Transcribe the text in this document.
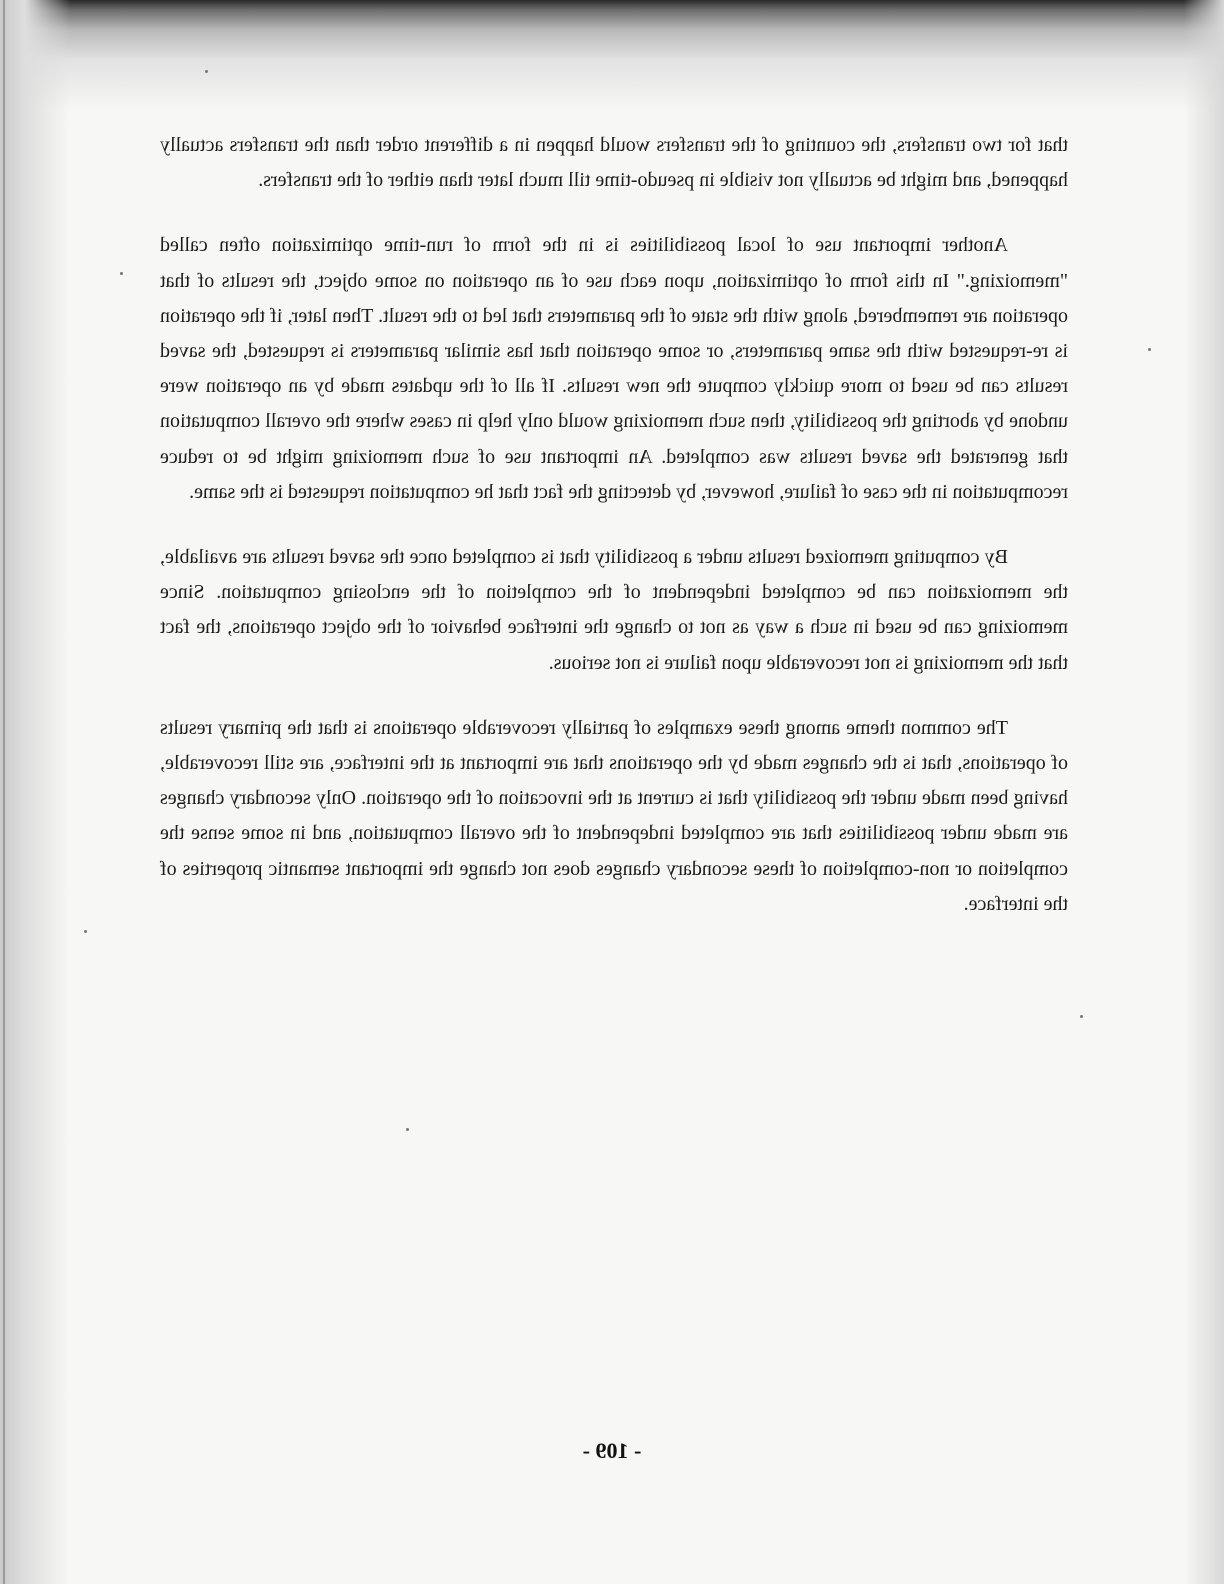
that for two transfers, the counting of the transfers would happen in a different order than the transfers actually happened, and might be actually not visible in pseudo-time till much later than either of the transfers.

Another important use of local possibilities is in the form of run-time optimization often called "memoizing." In this form of optimization, upon each use of an operation on some object, the results of that operation are remembered, along with the state of the parameters that led to the result. Then later, if the operation is re-requested with the same parameters, or some operation that has similar parameters is requested, the saved results can be used to more quickly compute the new results. If all of the updates made by an operation were undone by aborting the possibility, then such memoizing would only help in cases where the overall computation that generated the saved results was completed. An important use of such memoizing might be to reduce recomputation in the case of failure, however, by detecting the fact that he computation requested is the same.

By computing memoized results under a possibility that is completed once the saved results are available, the memoization can be completed independent of the completion of the enclosing computation. Since memoizing can be used in such a way as not to change the interface behavior of the object operations, the fact that the memoizing is not recoverable upon failure is not serious.

The common theme among these examples of partially recoverable operations is that the primary results of operations, that is the changes made by the operations that are important at the interface, are still recoverable, having been made under the possibility that is current at the invocation of the operation. Only secondary changes are made under possibilities that are completed independent of the overall computation, and in some sense the completion or non-completion of these secondary changes does not change the important semantic properties of the interface.

- 109 -
